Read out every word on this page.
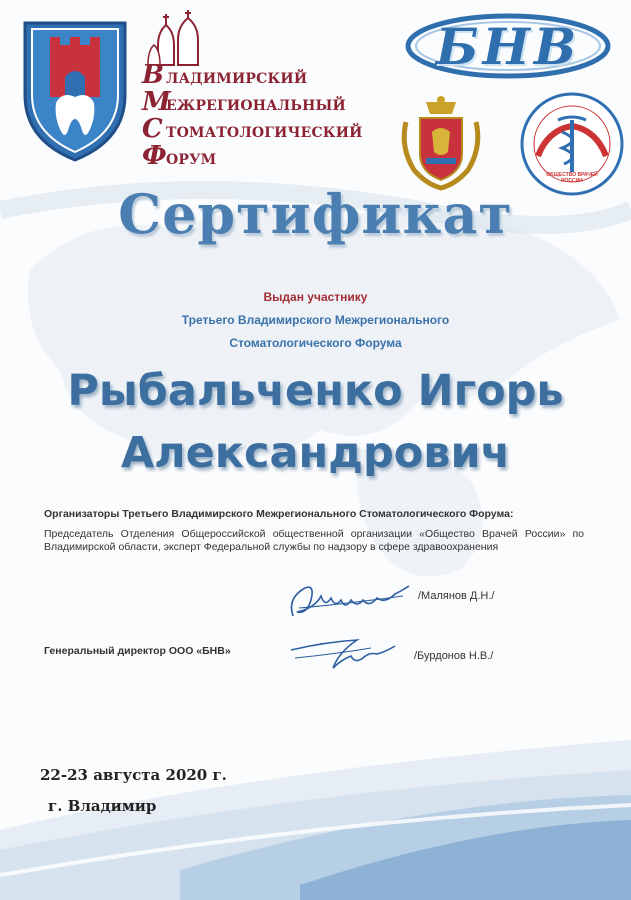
В ЛАДИМИРСКИЙ
М
ЕЖРЕГИОНАЛЬНЫЙ
С ТОМАТОЛОГИЧЕСКИЙ
Ф ОРУМ
БНВ
ОБЩЕСТВО ВРАЧЕЙ РОССИИ
Сертификат
Выдан участнику
Третьего Владимирского Межрегионального
Стоматологического Форума
Рыбальченко Игорь
Александрович
Организаторы Третьего Владимирского Межрегионального Стоматологического Форума:
Председатель Отделения Общероссийской общественной организации «Общество Врачей России» по Владимирской области, эксперт Федеральной службы по надзору в сфере здравоохранения
/Малянов Д.Н./
Генеральный директор ООО «БНВ»	/Бурдонов Н.В./
22-23 августа 2020 г.
г. Владимир
